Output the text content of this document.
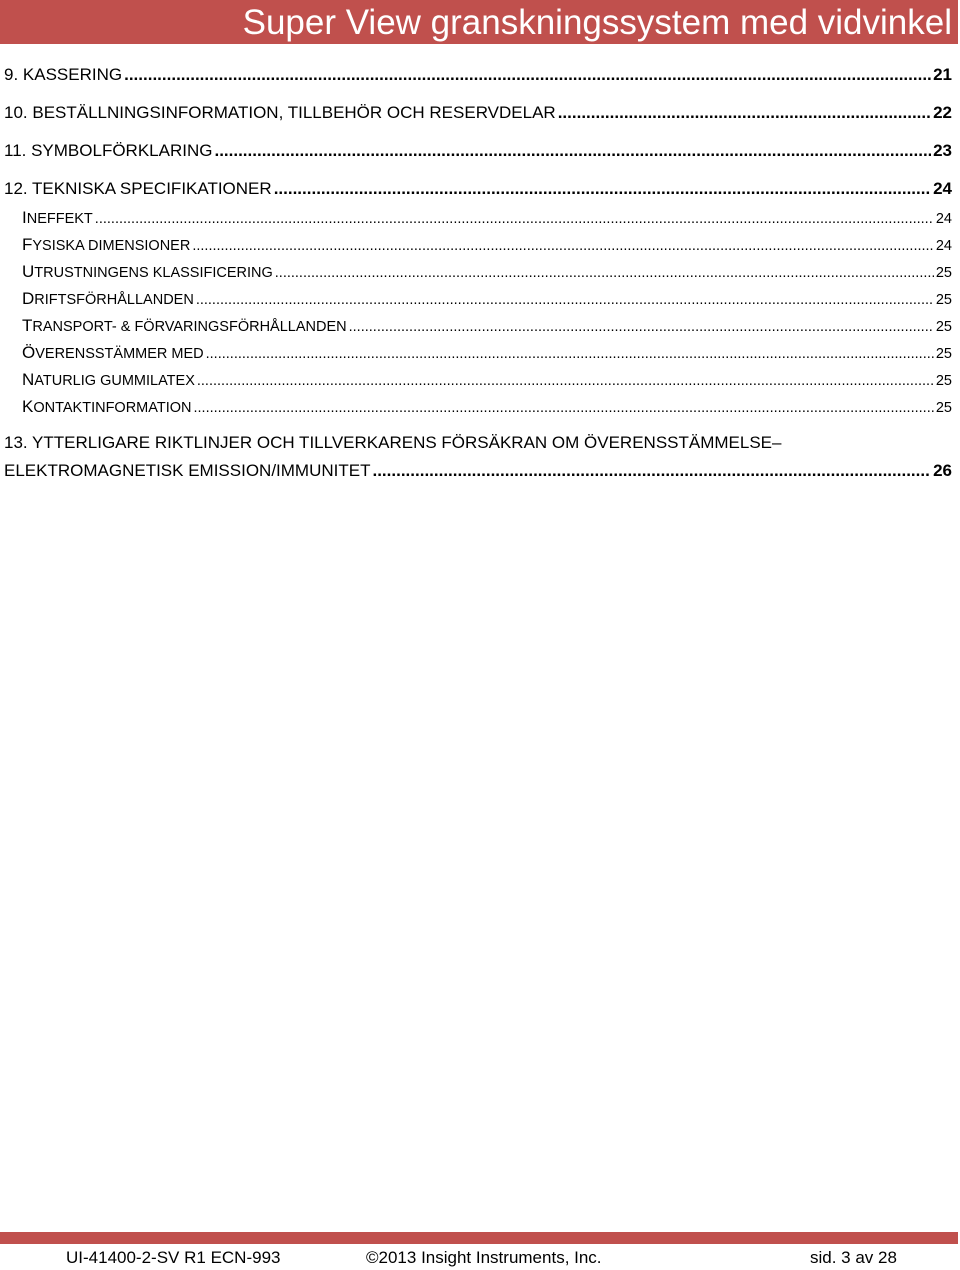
Super View granskningssystem med vidvinkel
9. KASSERING .....	21
10. BESTÄLLNINGSINFORMATION, TILLBEHÖR OCH RESERVDELAR .....	22
11. SYMBOLFÖRKLARING .....	23
12. TEKNISKA SPECIFIKATIONER .....	24
INEFFEKT .....	24
FYSISKA DIMENSIONER .....	24
UTRUSTNINGENS KLASSIFICERING .....	25
DRIFTSFÖRHÅLLANDEN .....	25
TRANSPORT- & FÖRVARINGSFÖRHÅLLANDEN .....	25
ÖVERENSSTÄMMER MED .....	25
NATURLIG GUMMILATEX .....	25
KONTAKTINFORMATION .....	25
13. YTTERLIGARE RIKTLINJER OCH TILLVERKARENS FÖRSÄKRAN OM ÖVERENSSTÄMMELSE–
ELEKTROMAGNETISK EMISSION/IMMUNITET .....	26
UI-41400-2-SV R1 ECN-993	©2013 Insight Instruments, Inc.	sid. 3 av 28
